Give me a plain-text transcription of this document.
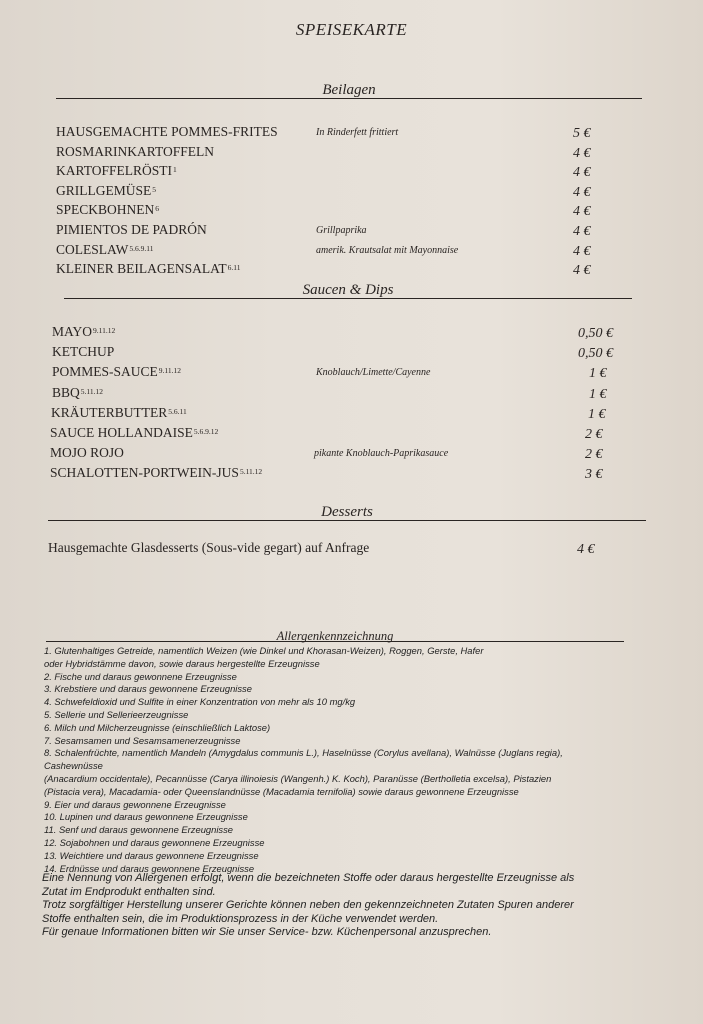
SPEISEKARTE
Beilagen
HAUSGEMACHTE POMMES-FRITES	In Rinderfett frittiert	5 €
ROSMARINKARTOFFELN	4 €
KARTOFFELRÖSTI$^1$	4 €
GRILLGEMÜSE$^5$	4 €
SPECKBOHNEN$^6$	4 €
PIMIENTOS DE PADRÓN	Grillpaprika	4 €
$COLESLAW^{5.6.9.11}$	amerik. Krautsalat mit Mayonnaise	4 €
KLEINER $BEILAGENSALAT^{6.11}$	4 €
Saucen & Dips
$MAYO^{9.11.12}$	0,50 €
KETCHUP	0,50 €
POMMES-$SAUCE^{9.11.12}$	Knoblauch/Limette/Cayenne	1 €
$BBQ^{5.11.12}$	1 €
$KRÄUTERBUTTER^{5.6.11}$	1 €
SAUCE $HOLLANDAISE^{5.6.9.12}$	2 €
MOJO ROJO	pikante Knoblauch-Paprikasauce	2 €
SCHALOTTEN-$PORTWEIN-JUS^{5.11.12}$	3 €
Desserts
Hausgemachte Glasdesserts (Sous-vide gegart) auf Anfrage	4 €
Allergenkennzeichnung
1. Glutenhaltiges Getreide, namentlich Weizen (wie Dinkel und Khorasan-Weizen), Roggen, Gerste, Hafer
oder Hybridstämme davon, sowie daraus hergestellte Erzeugnisse
2. Fische und daraus gewonnene Erzeugnisse
3. Krebstiere und daraus gewonnene Erzeugnisse
4. Schwefeldioxid und Sulfite in einer Konzentration von mehr als 10 mg/kg
5. Sellerie und Sellerieerzeugnisse
6. Milch und Milcherzeugnisse (einschließlich Laktose)
7. Sesamsamen und Sesamsamenerzeugnisse
8. Schalenfrüchte, namentlich Mandeln (Amygdalus communis L.), Haselnüsse (Corylus avellana), Walnüsse (Juglans regia),
Cashewnüsse
(Anacardium occidentale), Pecannüsse (Carya illinoiesis (Wangenh.) K. Koch), Paranüsse (Bertholletia excelsa), Pistazien
(Pistacia vera), Macadamia- oder Queenslandnüsse (Macadamia ternifolia) sowie daraus gewonnene Erzeugnisse
9. Eier und daraus gewonnene Erzeugnisse
10. Lupinen und daraus gewonnene Erzeugnisse
11. Senf und daraus gewonnene Erzeugnisse
12. Sojabohnen und daraus gewonnene Erzeugnisse
13. Weichtiere und daraus gewonnene Erzeugnisse
14. Erdnüsse und daraus gewonnene Erzeugnisse
Eine Nennung von Allergenen erfolgt, wenn die bezeichneten Stoffe oder daraus hergestellte Erzeugnisse als
Zutat im Endprodukt enthalten sind.
Trotz sorgfältiger Herstellung unserer Gerichte können neben den gekennzeichneten Zutaten Spuren anderer
Stoffe enthalten sein, die im Produktionsprozess in der Küche verwendet werden.
Für genaue Informationen bitten wir Sie unser Service- bzw. Küchenpersonal anzusprechen.
